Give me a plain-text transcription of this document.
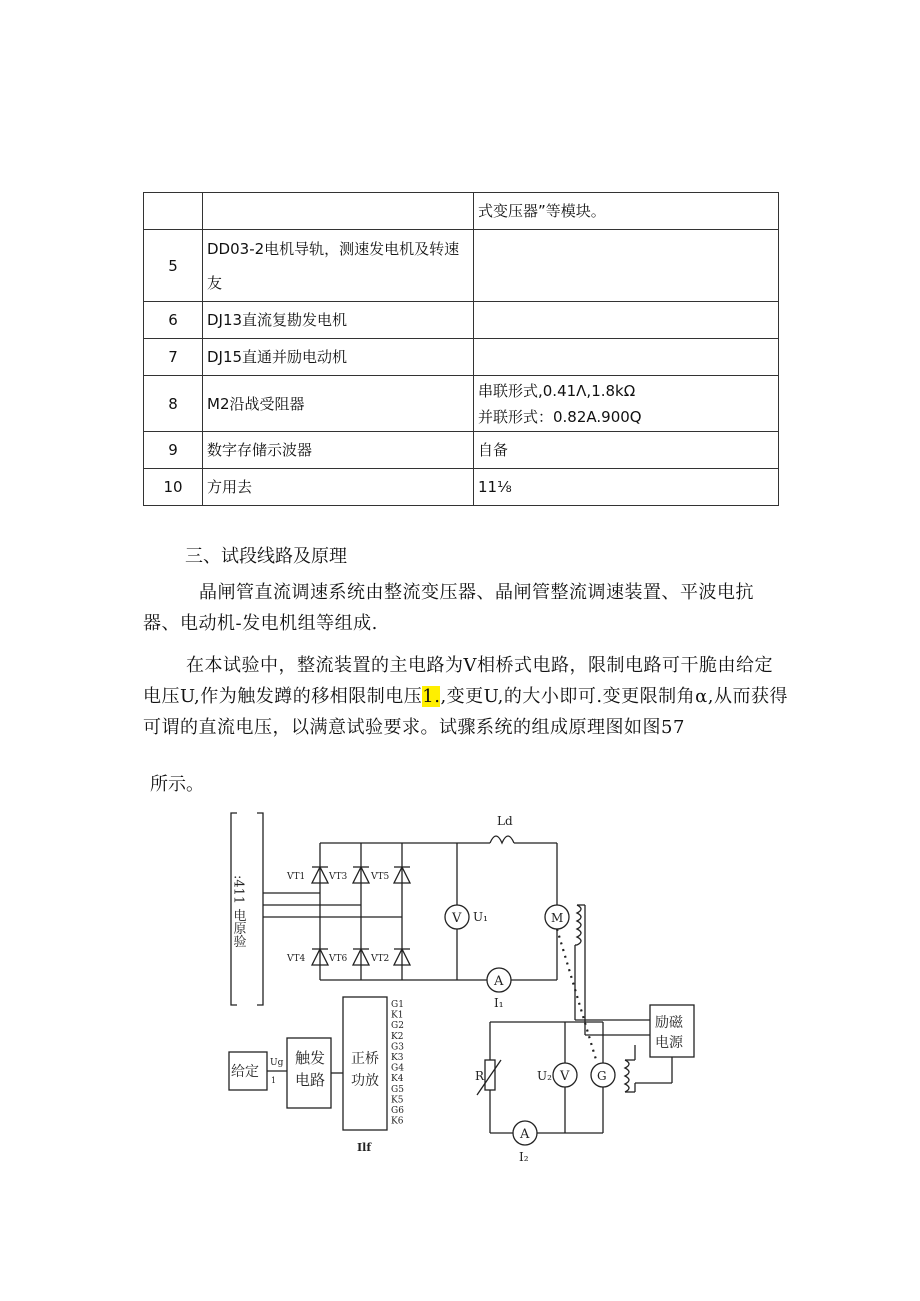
		式变压器”等模块。

5	DD03-2电机导轨，测速发电机及转速
友	

6	DJ13直流复勘发电机	

7	DJ15直通并励电动机	

8	M2沿战受阻器	串联形式,0.41Λ,1.8kΩ
并联形式：0.82A.900Q

9	数字存储示波器	自备

10	方用去	11⅛
三、试段线路及原理
晶闸管直流调速系统由整流变压器、晶闸管整流调速装置、平波电抗
器、电动机-发电机组等组成.
在本试验中，整流装置的主电路为V相桥式电路，限制电路可干脆由给定
电压U,作为触发蹲的移相限制电压1.,变更U,的大小即可.变更限制角α,从而获得
可谓的直流电压，以满意试验要求。试骤系统的组成原理图如图57
所示。
:411 电原验	VT1	VT3	VT5
VT4	VT6	VT2
Ld
V U₁
A
I₁
M
励磁
电源
G
R	V
U₂
A
I₂
给定
Ug
1
触发
电路
正桥
功放
Ilf
G1
K1
G2
K2
G3
K3
G4
K4
G5
K5
G6
K6
